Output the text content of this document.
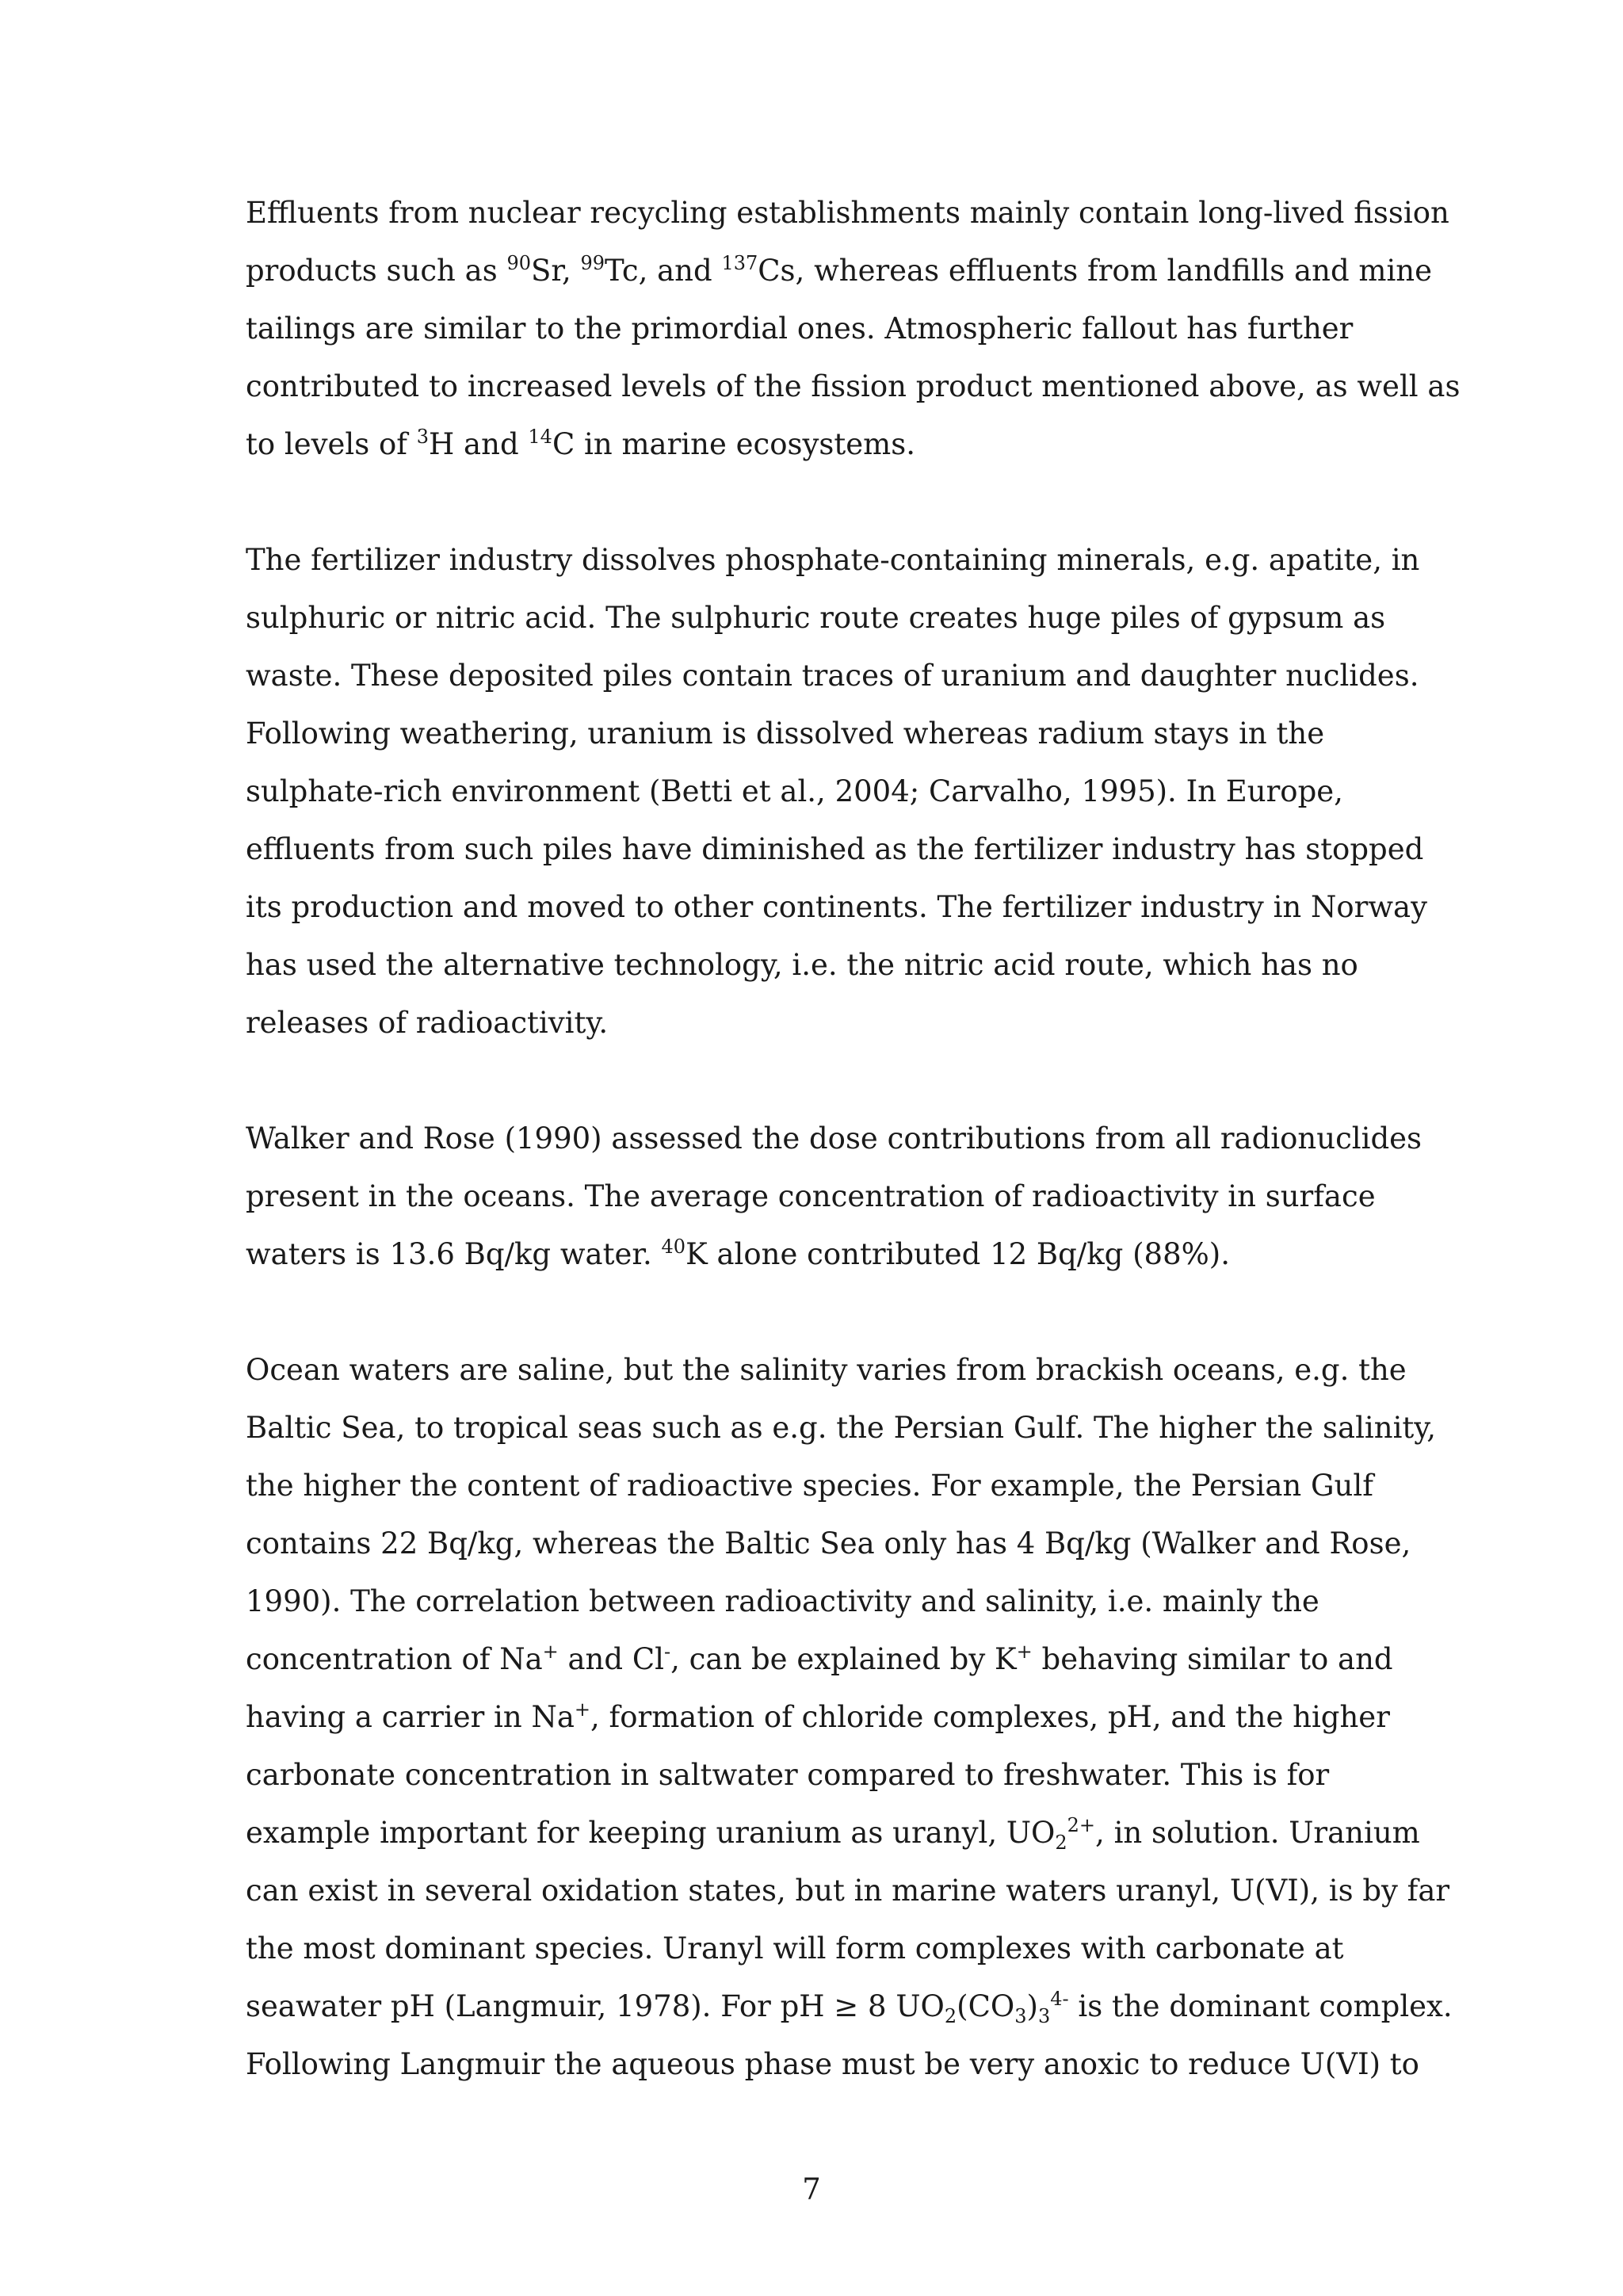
Effluents from nuclear recycling establishments mainly contain long-lived fission
products such as $^{90}$Sr, $^{99}$Tc, and $^{137}$Cs, whereas effluents from landfills and mine
tailings are similar to the primordial ones. Atmospheric fallout has further
contributed to increased levels of the fission product mentioned above, as well as
to levels of $^3$H and $^{14}$C in marine ecosystems.

The fertilizer industry dissolves phosphate-containing minerals, e.g. apatite, in
sulphuric or nitric acid. The sulphuric route creates huge piles of gypsum as
waste. These deposited piles contain traces of uranium and daughter nuclides.
Following weathering, uranium is dissolved whereas radium stays in the
sulphate-rich environment (Betti et al., 2004; Carvalho, 1995). In Europe,
effluents from such piles have diminished as the fertilizer industry has stopped
its production and moved to other continents. The fertilizer industry in Norway
has used the alternative technology, i.e. the nitric acid route, which has no
releases of radioactivity.

Walker and Rose (1990) assessed the dose contributions from all radionuclides
present in the oceans. The average concentration of radioactivity in surface
waters is 13.6 Bq/kg water. $^{40}$K alone contributed 12 Bq/kg (88%).

Ocean waters are saline, but the salinity varies from brackish oceans, e.g. the
Baltic Sea, to tropical seas such as e.g. the Persian Gulf. The higher the salinity,
the higher the content of radioactive species. For example, the Persian Gulf
contains 22 Bq/kg, whereas the Baltic Sea only has 4 Bq/kg (Walker and Rose,
1990). The correlation between radioactivity and salinity, i.e. mainly the
concentration of Na+ and Cl-, can be explained by K+ behaving similar to and
having a carrier in Na+, formation of chloride complexes, pH, and the higher
carbonate concentration in saltwater compared to freshwater. This is for
example important for keeping uranium as uranyl, $UO_2^{2+}$, in solution. Uranium
can exist in several oxidation states, but in marine waters uranyl, U(VI), is by far
the most dominant species. Uranyl will form complexes with carbonate at
seawater pH (Langmuir, 1978). For pH ≥ 8 $UO_2(CO_3)_3^{4-}$ is the dominant complex.
Following Langmuir the aqueous phase must be very anoxic to reduce U(VI) to

7
